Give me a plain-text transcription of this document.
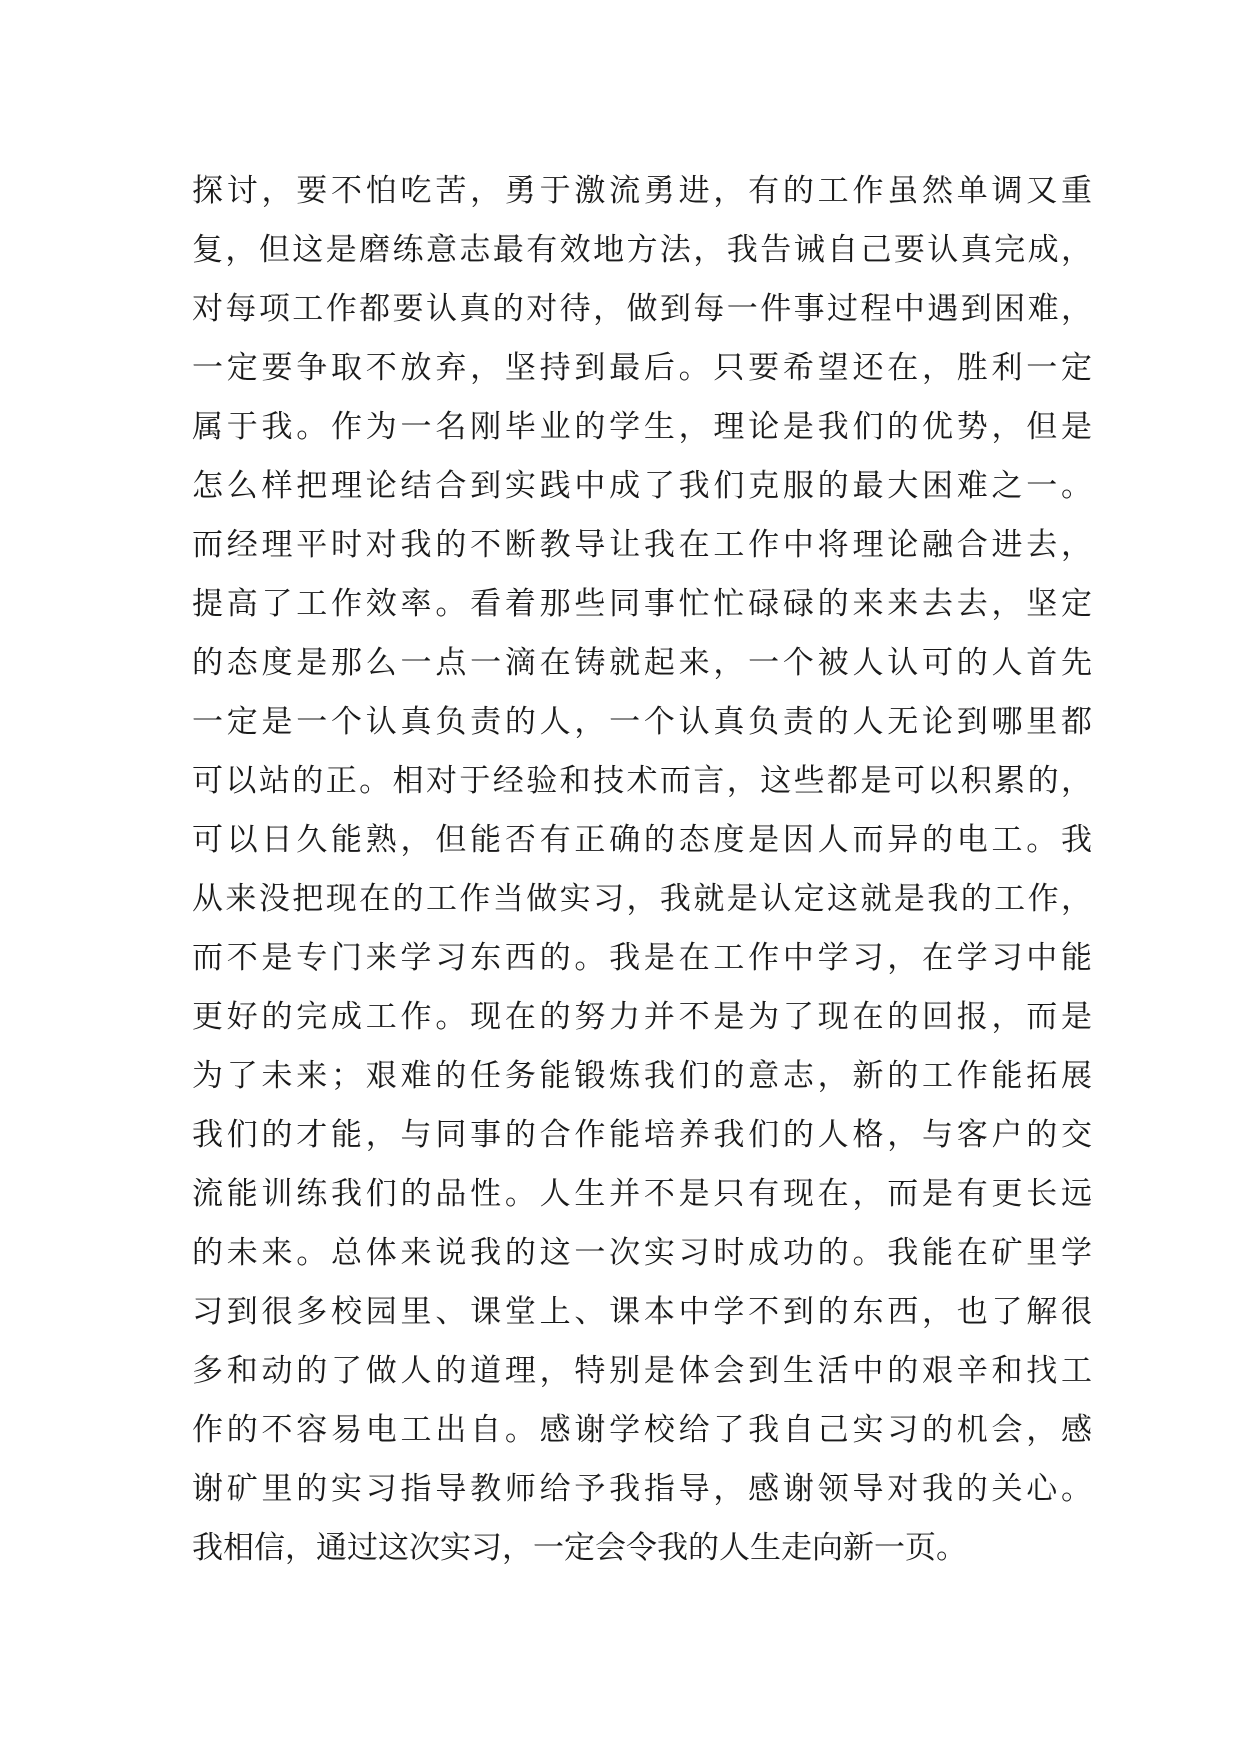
探讨，要不怕吃苦，勇于激流勇进，有的工作虽然单调又重
复，但这是磨练意志最有效地方法，我告诫自己要认真完成，
对每项工作都要认真的对待，做到每一件事过程中遇到困难，
一定要争取不放弃，坚持到最后。只要希望还在，胜利一定
属于我。作为一名刚毕业的学生，理论是我们的优势，但是
怎么样把理论结合到实践中成了我们克服的最大困难之一。
而经理平时对我的不断教导让我在工作中将理论融合进去，
提高了工作效率。看着那些同事忙忙碌碌的来来去去，坚定
的态度是那么一点一滴在铸就起来，一个被人认可的人首先
一定是一个认真负责的人，一个认真负责的人无论到哪里都
可以站的正。相对于经验和技术而言，这些都是可以积累的，
可以日久能熟，但能否有正确的态度是因人而异的电工。我
从来没把现在的工作当做实习，我就是认定这就是我的工作，
而不是专门来学习东西的。我是在工作中学习，在学习中能
更好的完成工作。现在的努力并不是为了现在的回报，而是
为了未来；艰难的任务能锻炼我们的意志，新的工作能拓展
我们的才能，与同事的合作能培养我们的人格，与客户的交
流能训练我们的品性。人生并不是只有现在，而是有更长远
的未来。总体来说我的这一次实习时成功的。我能在矿里学
习到很多校园里、课堂上、课本中学不到的东西，也了解很
多和动的了做人的道理，特别是体会到生活中的艰辛和找工
作的不容易电工出自。感谢学校给了我自己实习的机会，感
谢矿里的实习指导教师给予我指导，感谢领导对我的关心。
我相信，通过这次实习，一定会令我的人生走向新一页。
